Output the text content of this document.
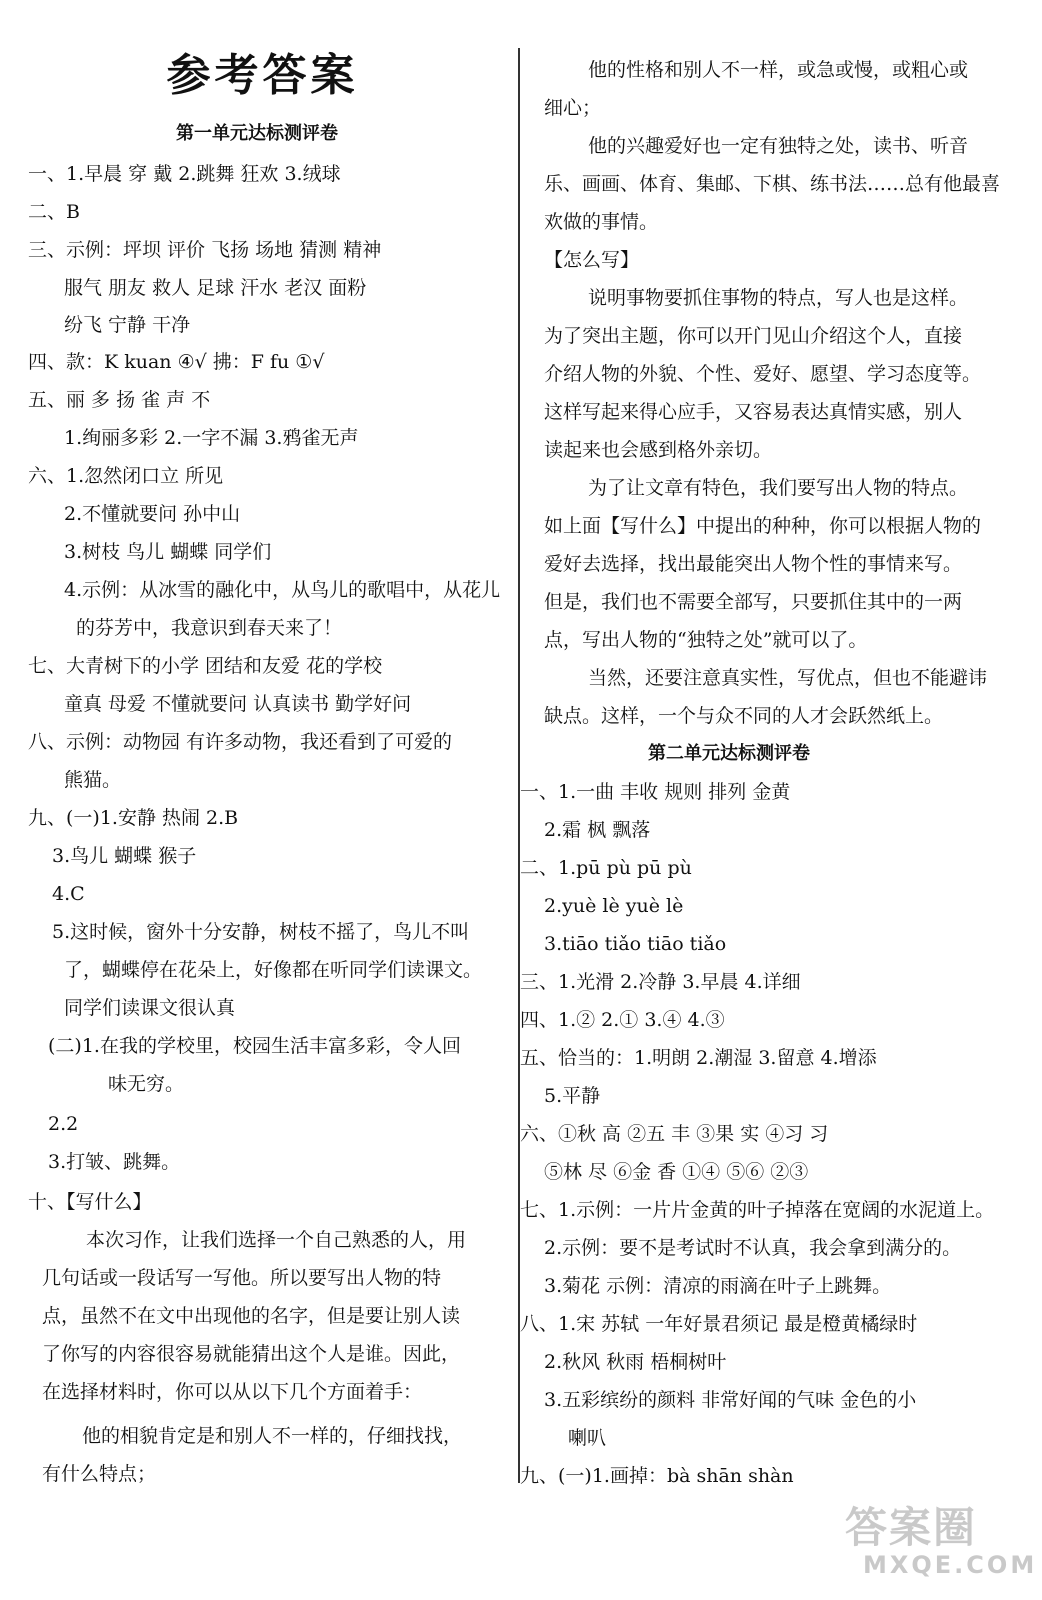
参考答案
第一单元达标测评卷
一、1.早晨 穿 戴 2.跳舞 狂欢 3.绒球
二、B
三、示例：坪坝 评价 飞扬 场地 猜测 精神
服气 朋友 救人 足球 汗水 老汉 面粉
纷飞 宁静 干净
四、款：K kuan ④√ 拂：F fu ①√
五、丽 多 扬 雀 声 不
1.绚丽多彩 2.一字不漏 3.鸦雀无声
六、1.忽然闭口立 所见
2.不懂就要问 孙中山
3.树枝 鸟儿 蝴蝶 同学们
4.示例：从冰雪的融化中，从鸟儿的歌唱中，从花儿
的芬芳中，我意识到春天来了！
七、大青树下的小学 团结和友爱 花的学校
童真 母爱 不懂就要问 认真读书 勤学好问
八、示例：动物园 有许多动物，我还看到了可爱的
熊猫。
九、(一)1.安静 热闹 2.B
3.鸟儿 蝴蝶 猴子
4.C
5.这时候，窗外十分安静，树枝不摇了，鸟儿不叫
了，蝴蝶停在花朵上，好像都在听同学们读课文。
同学们读课文很认真
(二)1.在我的学校里，校园生活丰富多彩，令人回
味无穷。
2.2
3.打皱、跳舞。
十、【写什么】
本次习作，让我们选择一个自己熟悉的人，用
几句话或一段话写一写他。所以要写出人物的特
点，虽然不在文中出现他的名字，但是要让别人读
了你写的内容很容易就能猜出这个人是谁。因此，
在选择材料时，你可以从以下几个方面着手：
他的相貌肯定是和别人不一样的，仔细找找，
有什么特点；
他的性格和别人不一样，或急或慢，或粗心或
细心；
他的兴趣爱好也一定有独特之处，读书、听音
乐、画画、体育、集邮、下棋、练书法……总有他最喜
欢做的事情。
【怎么写】
说明事物要抓住事物的特点，写人也是这样。
为了突出主题，你可以开门见山介绍这个人，直接
介绍人物的外貌、个性、爱好、愿望、学习态度等。
这样写起来得心应手，又容易表达真情实感，别人
读起来也会感到格外亲切。
为了让文章有特色，我们要写出人物的特点。
如上面【写什么】中提出的种种，你可以根据人物的
爱好去选择，找出最能突出人物个性的事情来写。
但是，我们也不需要全部写，只要抓住其中的一两
点，写出人物的“独特之处”就可以了。
当然，还要注意真实性，写优点，但也不能避讳
缺点。这样，一个与众不同的人才会跃然纸上。
第二单元达标测评卷
一、1.一曲 丰收 规则 排列 金黄
2.霜 枫 飘落
二、1.pū pù pū pù
2.yuè lè yuè lè
3.tiāo tiǎo tiāo tiǎo
三、1.光滑 2.冷静 3.早晨 4.详细
四、1.② 2.① 3.④ 4.③
五、恰当的：1.明朗 2.潮湿 3.留意 4.增添
5.平静
六、①秋 高 ②五 丰 ③果 实 ④习 习
⑤林 尽 ⑥金 香 ①④ ⑤⑥ ②③
七、1.示例：一片片金黄的叶子掉落在宽阔的水泥道上。
2.示例：要不是考试时不认真，我会拿到满分的。
3.菊花 示例：清凉的雨滴在叶子上跳舞。
八、1.宋 苏轼 一年好景君须记 最是橙黄橘绿时
2.秋风 秋雨 梧桐树叶
3.五彩缤纷的颜料 非常好闻的气味 金色的小
喇叭
九、(一)1.画掉：bà shān shàn
答案圈
MXQE.COM
